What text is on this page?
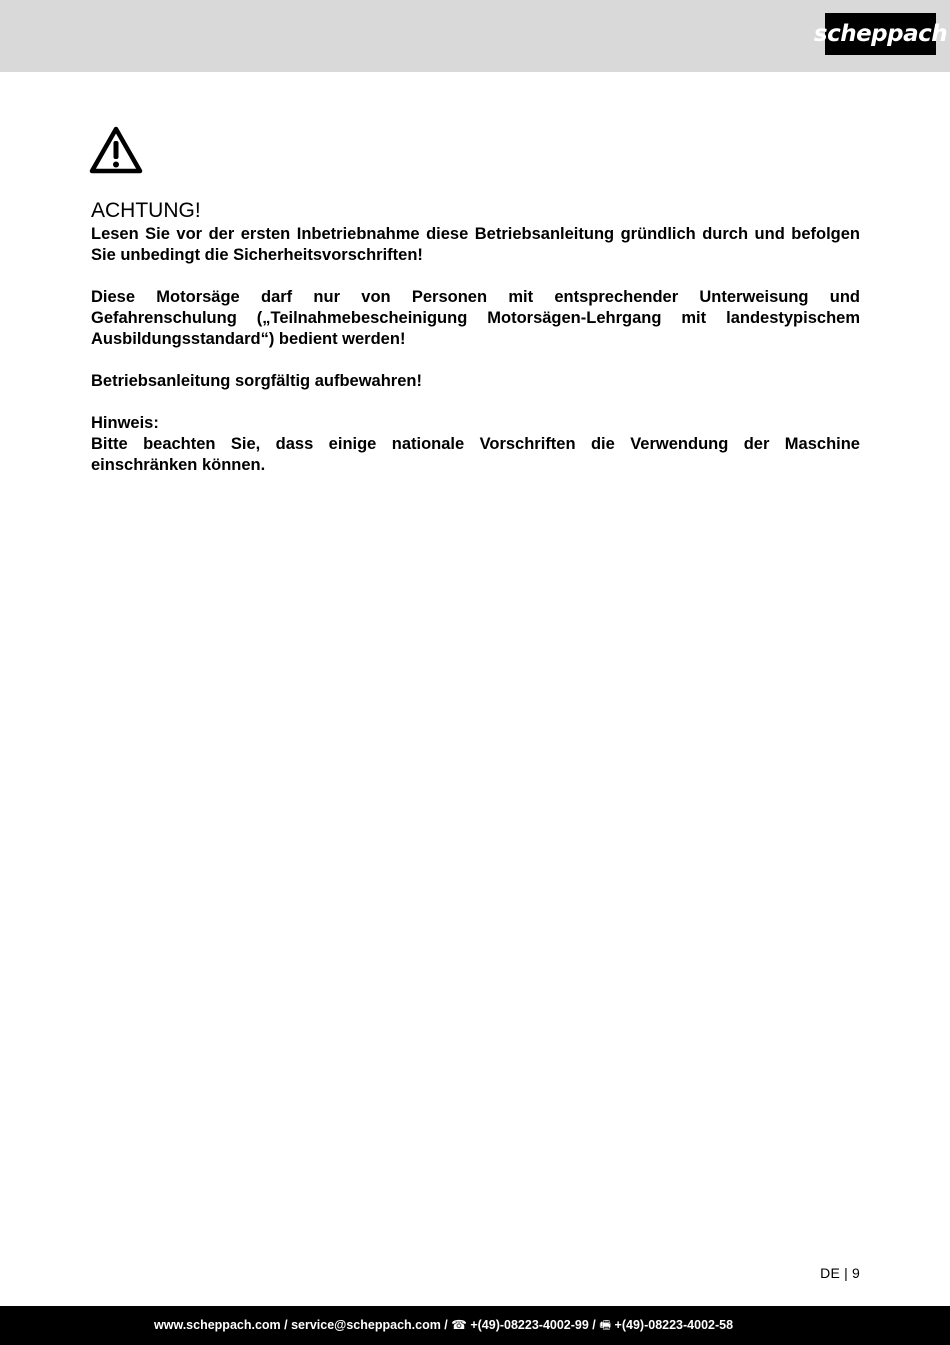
scheppach
ACHTUNG!

Lesen Sie vor der ersten Inbetriebnahme diese Betriebsanleitung gründlich durch und befolgen Sie unbedingt die Sicherheitsvorschriften!

Diese Motorsäge darf nur von Personen mit entsprechender Unterweisung und Gefahrenschulung („Teilnahmebescheinigung Motorsägen-Lehrgang mit landestypischem Ausbildungsstandard“) bedient werden!

Betriebsanleitung sorgfältig aufbewahren!

Hinweis:

Bitte beachten Sie, dass einige nationale Vorschriften die Verwendung der Maschine einschränken können.

DE | 9
www.scheppach.com / service@scheppach.com / ☎ +(49)-08223-4002-99 / 🖷 +(49)-08223-4002-58
